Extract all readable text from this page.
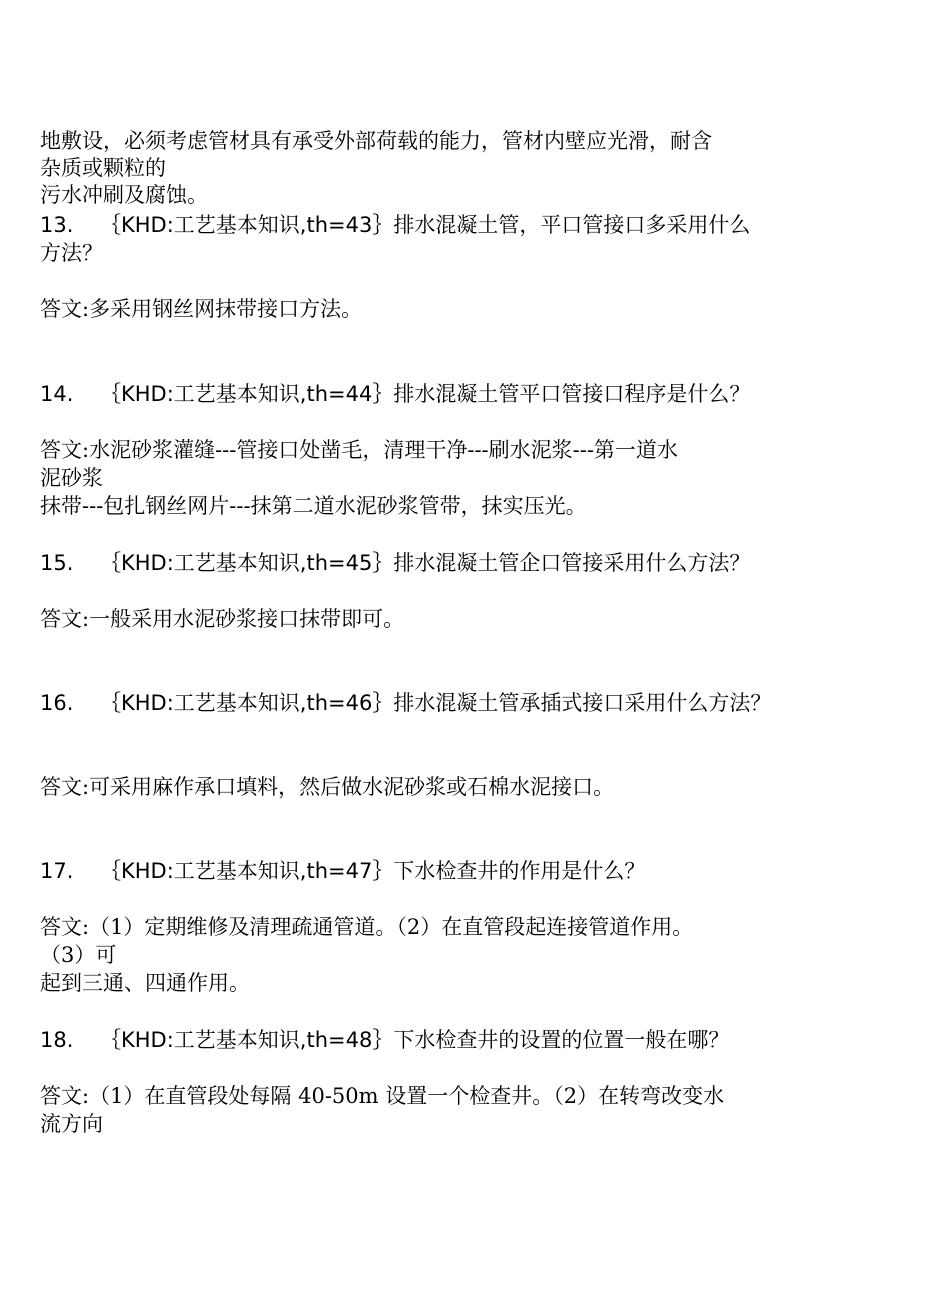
地敷设，必须考虑管材具有承受外部荷载的能力，管材内壁应光滑，耐含
杂质或颗粒的
污水冲刷及腐蚀。
13. ｛KHD:工艺基本知识,th=43｝排水混凝土管，平口管接口多采用什么
方法？
答文:多采用钢丝网抹带接口方法。
14. ｛KHD:工艺基本知识,th=44｝排水混凝土管平口管接口程序是什么？
答文:水泥砂浆灌缝---管接口处凿毛，清理干净---刷水泥浆---第一道水
泥砂浆
抹带---包扎钢丝网片---抹第二道水泥砂浆管带，抹实压光。
15. ｛KHD:工艺基本知识,th=45｝排水混凝土管企口管接采用什么方法？
答文:一般采用水泥砂浆接口抹带即可。
16. ｛KHD:工艺基本知识,th=46｝排水混凝土管承插式接口采用什么方法？
答文:可采用麻作承口填料，然后做水泥砂浆或石棉水泥接口。
17. ｛KHD:工艺基本知识,th=47｝下水检查井的作用是什么？
答文:（1）定期维修及清理疏通管道。（2）在直管段起连接管道作用。
（3）可
起到三通、四通作用。
18. ｛KHD:工艺基本知识,th=48｝下水检查井的设置的位置一般在哪？
答文:（1）在直管段处每隔 40-50m 设置一个检查井。（2）在转弯改变水
流方向
